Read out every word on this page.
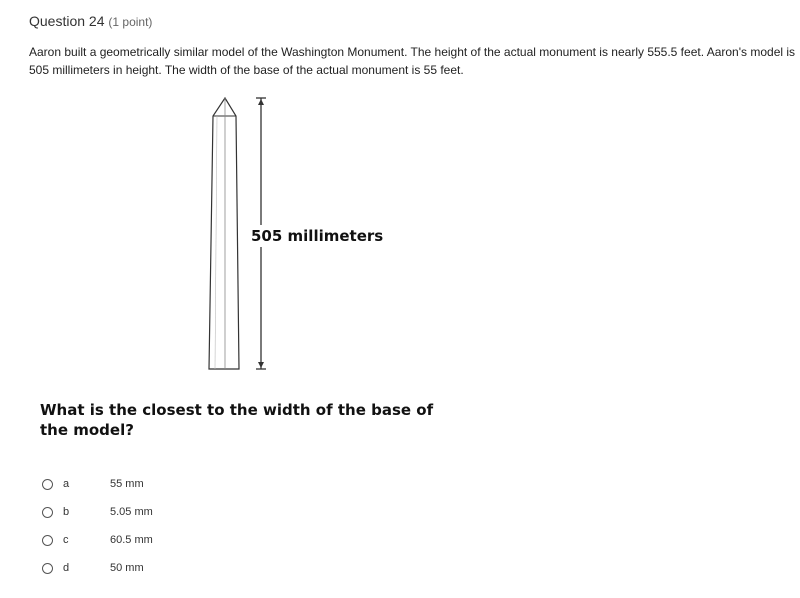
Question 24 (1 point)
Aaron built a geometrically similar model of the Washington Monument. The height of the actual monument is nearly 555.5 feet. Aaron's model is 505 millimeters in height. The width of the base of the actual monument is 55 feet.
505 millimeters
What is the closest to the width of the base of the model?
a	55 mm
b	5.05 mm
c	60.5 mm
d	50 mm
